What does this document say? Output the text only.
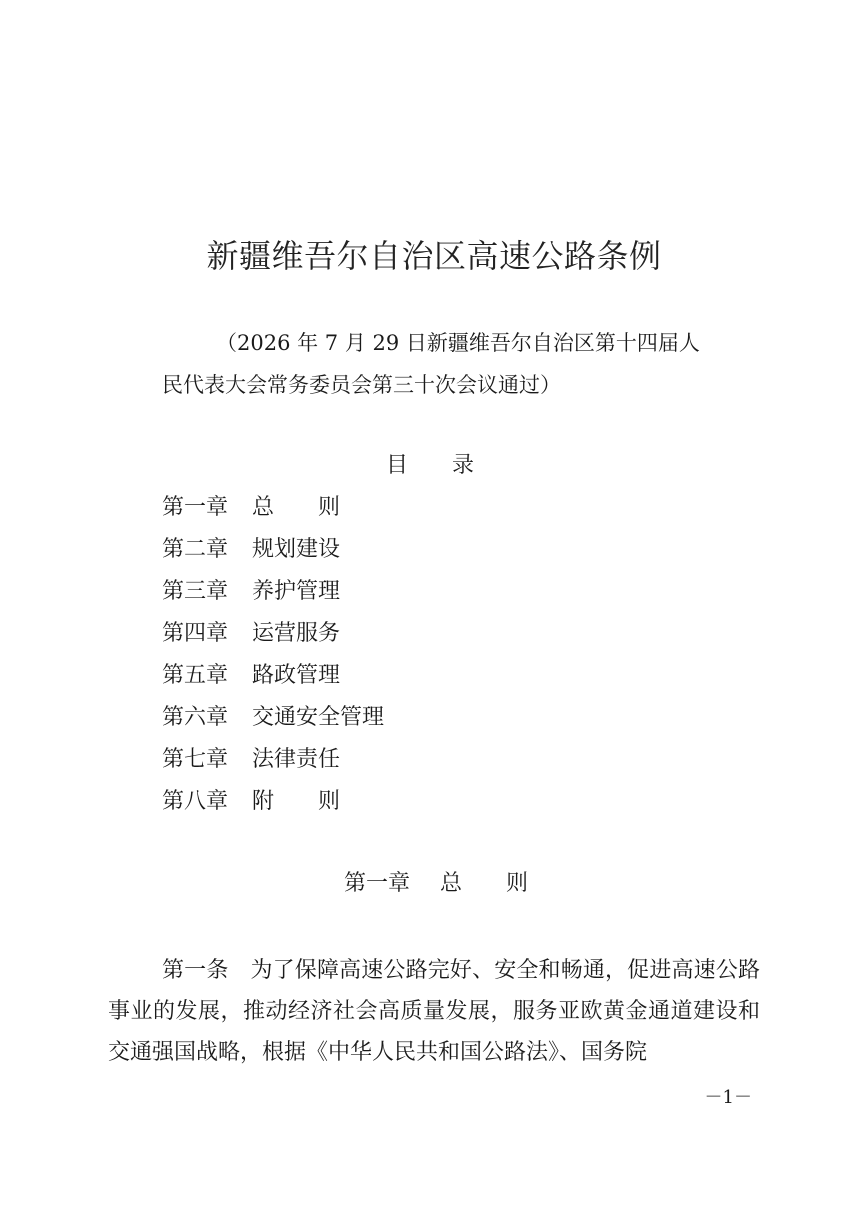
新疆维吾尔自治区高速公路条例
（2026 年 7 月 29 日新疆维吾尔自治区第十四届人
民代表大会常务委员会第三十次会议通过）
目　　录
第一章 总　　则
第二章 规划建设
第三章 养护管理
第四章 运营服务
第五章 路政管理
第六章 交通安全管理
第七章 法律责任
第八章 附　　则
第一章 总　　则

第一条 为了保障高速公路完好、安全和畅通，促进高速公路事业的发展，推动经济社会高质量发展，服务亚欧黄金通道建设和交通强国战略，根据《中华人民共和国公路法》、国务院

－1－
